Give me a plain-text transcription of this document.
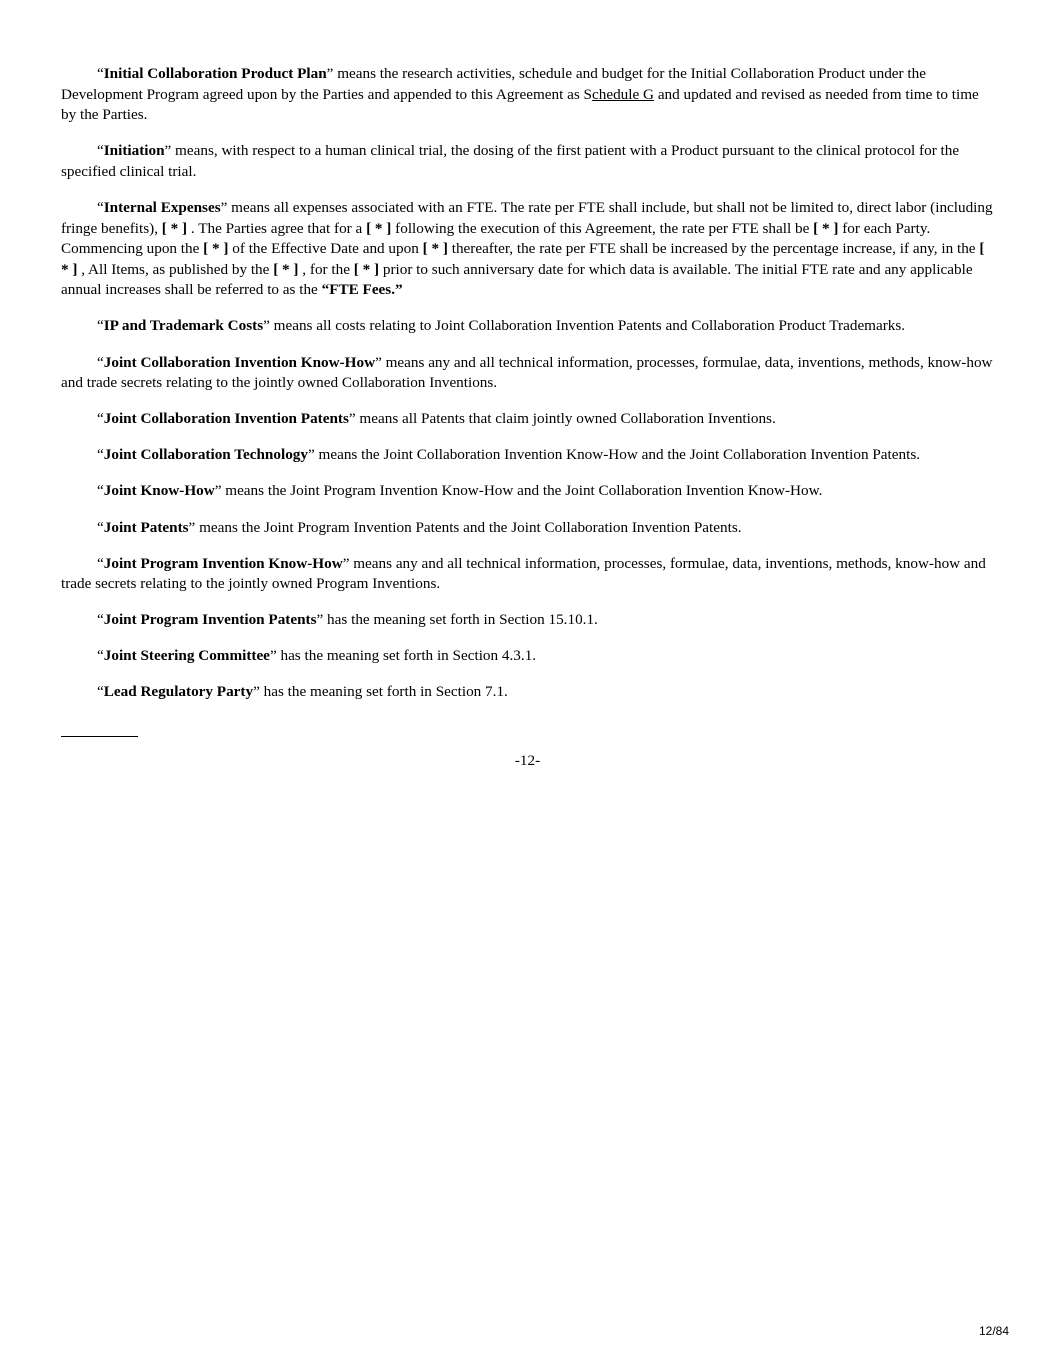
“Initial Collaboration Product Plan” means the research activities, schedule and budget for the Initial Collaboration Product under the Development Program agreed upon by the Parties and appended to this Agreement as Schedule G and updated and revised as needed from time to time by the Parties.

“Initiation” means, with respect to a human clinical trial, the dosing of the first patient with a Product pursuant to the clinical protocol for the specified clinical trial.

“Internal Expenses” means all expenses associated with an FTE. The rate per FTE shall include, but shall not be limited to, direct labor (including fringe benefits), [ * ] . The Parties agree that for a [ * ] following the execution of this Agreement, the rate per FTE shall be [ * ] for each Party. Commencing upon the [ * ] of the Effective Date and upon [ * ] thereafter, the rate per FTE shall be increased by the percentage increase, if any, in the [ * ] , All Items, as published by the [ * ] , for the [ * ] prior to such anniversary date for which data is available. The initial FTE rate and any applicable annual increases shall be referred to as the “FTE Fees.”

“IP and Trademark Costs” means all costs relating to Joint Collaboration Invention Patents and Collaboration Product Trademarks.

“Joint Collaboration Invention Know-How” means any and all technical information, processes, formulae, data, inventions, methods, know-how and trade secrets relating to the jointly owned Collaboration Inventions.

“Joint Collaboration Invention Patents” means all Patents that claim jointly owned Collaboration Inventions.

“Joint Collaboration Technology” means the Joint Collaboration Invention Know-How and the Joint Collaboration Invention Patents.

“Joint Know-How” means the Joint Program Invention Know-How and the Joint Collaboration Invention Know-How.

“Joint Patents” means the Joint Program Invention Patents and the Joint Collaboration Invention Patents.

“Joint Program Invention Know-How” means any and all technical information, processes, formulae, data, inventions, methods, know-how and trade secrets relating to the jointly owned Program Inventions.

“Joint Program Invention Patents” has the meaning set forth in Section 15.10.1.

“Joint Steering Committee” has the meaning set forth in Section 4.3.1.

“Lead Regulatory Party” has the meaning set forth in Section 7.1.

-12-
12/84
